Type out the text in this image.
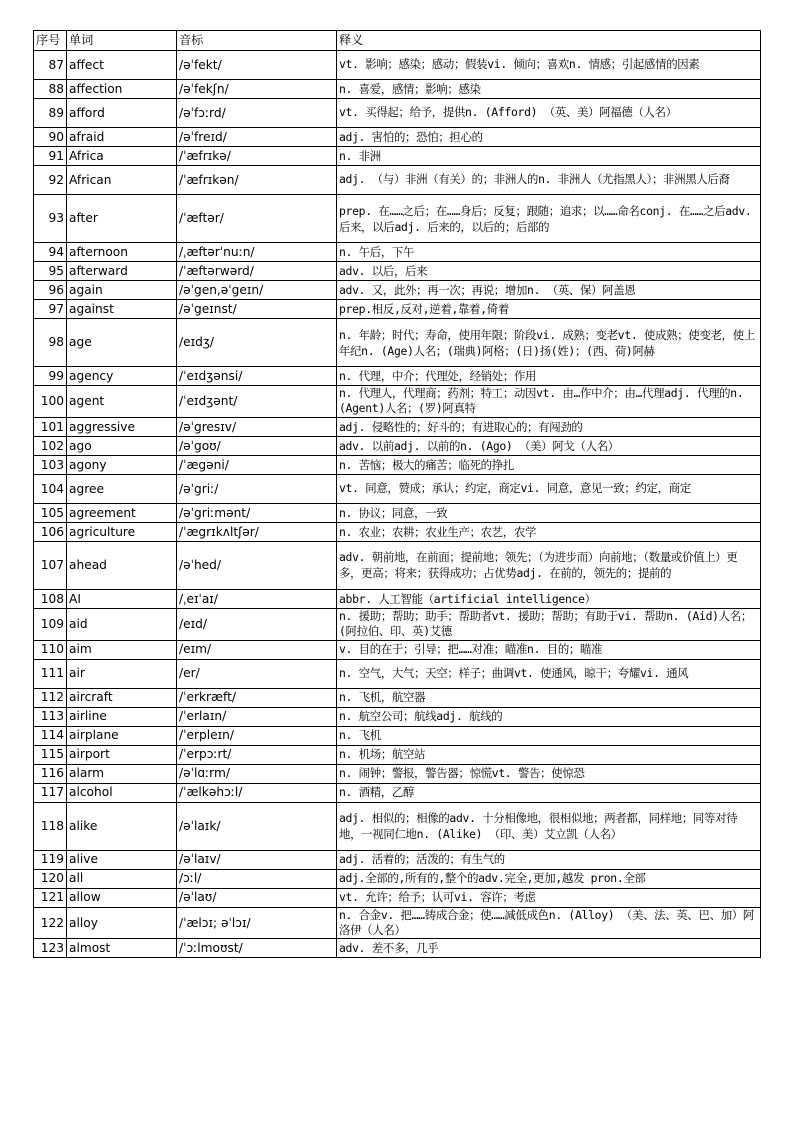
序号	单词	音标	释义
87	affect	/əˈfekt/	vt. 影响；感染；感动；假装vi. 倾向；喜欢n. 情感；引起感情的因素
88	affection	/əˈfekʃn/	n. 喜爱，感情；影响；感染
89	afford	/əˈfɔːrd/	vt. 买得起；给予，提供n. (Afford) （英、美）阿福德（人名）
90	afraid	/əˈfreɪd/	adj. 害怕的；恐怕；担心的
91	Africa	/ˈæfrɪkə/	n. 非洲
92	African	/ˈæfrɪkən/	adj. （与）非洲（有关）的；非洲人的n. 非洲人（尤指黑人）；非洲黑人后裔
93	after	/ˈæftər/	prep. 在……之后；在……身后；反复；跟随；追求；以……命名conj. 在……之后adv. 后来，以后adj. 后来的，以后的；后部的
94	afternoon	/ˌæftərˈnuːn/	n. 午后，下午
95	afterward	/ˈæftərwərd/	adv. 以后，后来
96	again	/əˈgen,əˈgeɪn/	adv. 又，此外；再一次；再说；增加n. （英、保）阿盖恩
97	against	/əˈgeɪnst/	prep.相反,反对,逆着,靠着,倚着
98	age	/eɪdʒ/	n. 年龄；时代；寿命，使用年限；阶段vi. 成熟；变老vt. 使成熟；使变老，使上年纪n. (Age)人名；(瑞典)阿格；(日)扬(姓)；(西、荷)阿赫
99	agency	/ˈeɪdʒənsi/	n. 代理，中介；代理处，经销处；作用
100	agent	/ˈeɪdʒənt/	n. 代理人，代理商；药剂；特工；动因vt. 由…作中介；由…代理adj. 代理的n. (Agent)人名；(罗)阿真特
101	aggressive	/əˈgresɪv/	adj. 侵略性的；好斗的；有进取心的；有闯劲的
102	ago	/əˈgoʊ/	adv. 以前adj. 以前的n. (Ago) （美）阿戈（人名）
103	agony	/ˈægəni/	n. 苦恼；极大的痛苦；临死的挣扎
104	agree	/əˈgriː/	vt. 同意，赞成；承认；约定，商定vi. 同意，意见一致；约定，商定
105	agreement	/əˈgriːmənt/	n. 协议；同意，一致
106	agriculture	/ˈægrɪkʌltʃər/	n. 农业；农耕；农业生产；农艺，农学
107	ahead	/əˈhed/	adv. 朝前地，在前面；提前地；领先；（为进步而）向前地；（数量或价值上）更多，更高；将来；获得成功；占优势adj. 在前的，领先的；提前的
108	AI	/ˌeɪˈaɪ/	abbr. 人工智能（artificial intelligence）
109	aid	/eɪd/	n. 援助；帮助；助手；帮助者vt. 援助；帮助；有助于vi. 帮助n. (Aid)人名；(阿拉伯、印、英)艾德
110	aim	/eɪm/	v. 目的在于；引导；把……对准；瞄准n. 目的；瞄准
111	air	/er/	n. 空气，大气；天空；样子；曲调vt. 使通风，晾干；夸耀vi. 通风
112	aircraft	/ˈerkræft/	n. 飞机，航空器
113	airline	/ˈerlaɪn/	n. 航空公司；航线adj. 航线的
114	airplane	/ˈerpleɪn/	n. 飞机
115	airport	/ˈerpɔːrt/	n. 机场；航空站
116	alarm	/əˈlɑːrm/	n. 闹钟；警报，警告器；惊慌vt. 警告；使惊恐
117	alcohol	/ˈælkəhɔːl/	n. 酒精，乙醇
118	alike	/əˈlaɪk/	adj. 相似的；相像的adv. 十分相像地，很相似地；两者都，同样地；同等对待地，一视同仁地n. (Alike) （印、美）艾立凯（人名）
119	alive	/əˈlaɪv/	adj. 活着的；活泼的；有生气的
120	all	/ɔːl/	adj.全部的,所有的,整个的adv.完全,更加,越发 pron.全部
121	allow	/əˈlaʊ/	vt. 允许；给予；认可vi. 容许；考虑
122	alloy	/ˈælɔɪ; əˈlɔɪ/	n. 合金v. 把……铸成合金；使……减低成色n. (Alloy) （美、法、英、巴、加）阿洛伊（人名）
123	almost	/ˈɔːlmoʊst/	adv. 差不多，几乎
